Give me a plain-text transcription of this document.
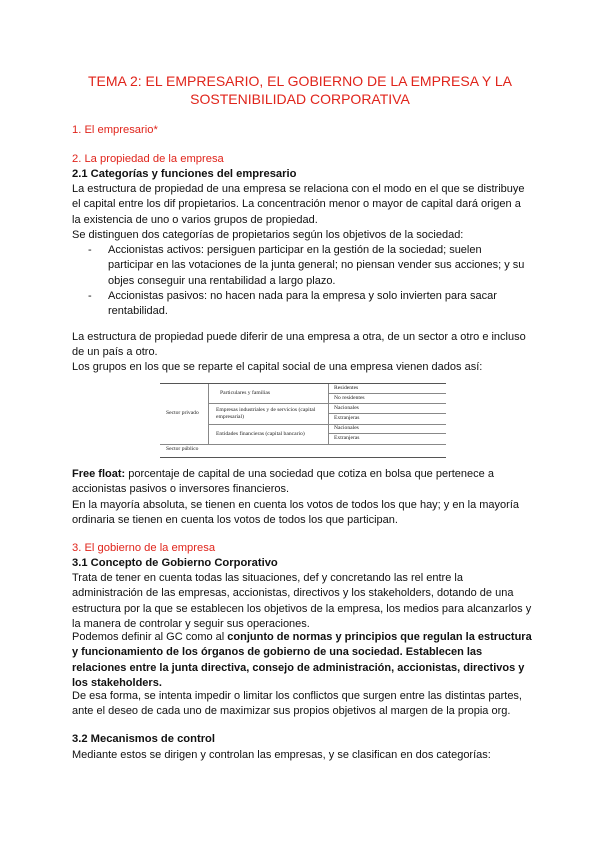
TEMA 2: EL EMPRESARIO, EL GOBIERNO DE LA EMPRESA Y LA SOSTENIBILIDAD CORPORATIVA

1. El empresario*

2. La propiedad de la empresa

2.1 Categorías y funciones del empresario

La estructura de propiedad de una empresa se relaciona con el modo en el que se distribuye el capital entre los dif propietarios. La concentración menor o mayor de capital dará origen a la existencia de uno o varios grupos de propiedad.

Se distinguen dos categorías de propietarios según los objetivos de la sociedad:

- Accionistas activos: persiguen participar en la gestión de la sociedad; suelen participar en las votaciones de la junta general; no piensan vender sus acciones; y su objes conseguir una rentabilidad a largo plazo.
- Accionistas pasivos: no hacen nada para la empresa y solo invierten para sacar rentabilidad.

La estructura de propiedad puede diferir de una empresa a otra, de un sector a otro e incluso de un país a otro.

Los grupos en los que se reparte el capital social de una empresa vienen dados así:

Sector privado
Sector público
Particulares y familias
Empresas industriales y de servicios (capital empresarial)
Entidades financieras (capital bancario)
Residentes
No residentes
Nacionales
Extranjeras
Nacionales
Extranjeras

Free float: porcentaje de capital de una sociedad que cotiza en bolsa que pertenece a accionistas pasivos o inversores financieros.

En la mayoría absoluta, se tienen en cuenta los votos de todos los que hay; y en la mayoría ordinaria se tienen en cuenta los votos de todos los que participan.

3. El gobierno de la empresa

3.1 Concepto de Gobierno Corporativo

Trata de tener en cuenta todas las situaciones, def y concretando las rel entre la administración de las empresas, accionistas, directivos y los stakeholders, dotando de una estructura por la que se establecen los objetivos de la empresa, los medios para alcanzarlos y la manera de controlar y seguir sus operaciones.

Podemos definir al GC como al conjunto de normas y principios que regulan la estructura y funcionamiento de los órganos de gobierno de una sociedad. Establecen las relaciones entre la junta directiva, consejo de administración, accionistas, directivos y los stakeholders.

De esa forma, se intenta impedir o limitar los conflictos que surgen entre las distintas partes, ante el deseo de cada uno de maximizar sus propios objetivos al margen de la propia org.

3.2 Mecanismos de control

Mediante estos se dirigen y controlan las empresas, y se clasifican en dos categorías:
